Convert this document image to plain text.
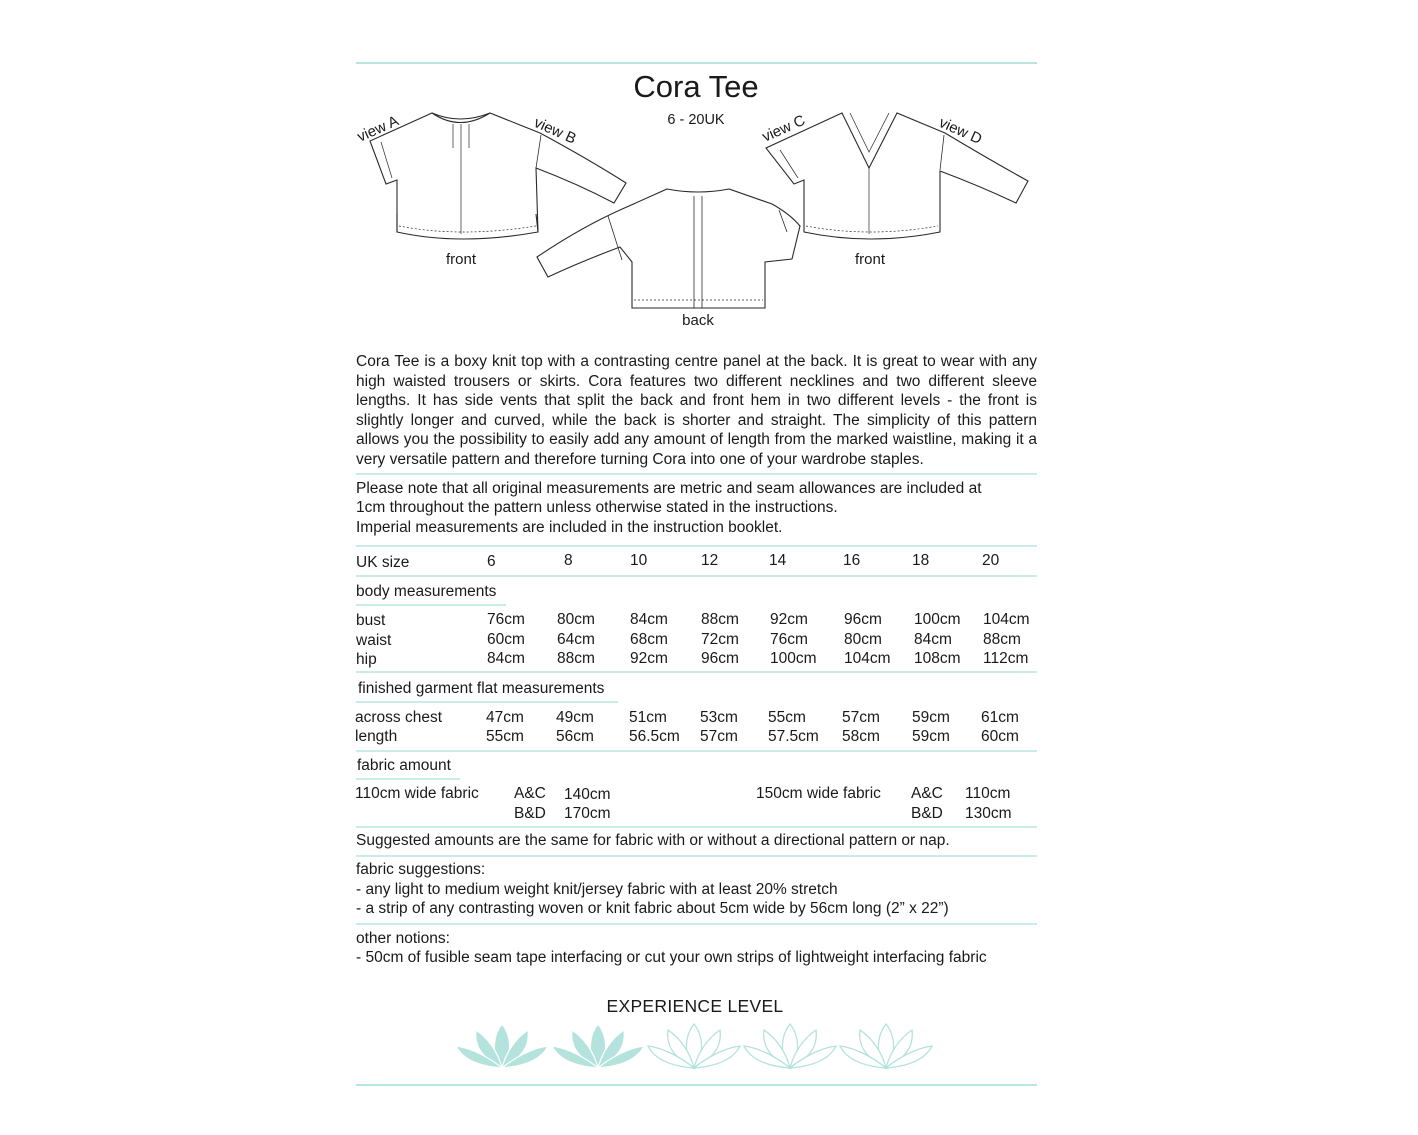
Cora Tee
6 - 20UK
view A	view B	view C	view D
front
back
front
Cora Tee is a boxy knit top with a contrasting centre panel at the back. It is great to wear with any high waisted trousers or skirts. Cora features two different necklines and two different sleeve lengths. It has side vents that split the back and front hem in two different levels - the front is slightly longer and curved, while the back is shorter and straight. The simplicity of this pattern allows you the possibility to easily add any amount of length from the marked waistline, making it a very versatile pattern and therefore turning Cora into one of your wardrobe staples.
Please note that all original measurements are metric and seam allowances are included at
1cm throughout the pattern unless otherwise stated in the instructions.
Imperial measurements are included in the instruction booklet.
UK size	6	8	10	12	14	16	18	20
body measurements
bust	76cm 80cm 84cm 88cm 92cm 96cm 100cm 104cm
waist	60cm 64cm 68cm 72cm 76cm 80cm 84cm 88cm
hip	84cm 88cm 92cm 96cm 100cm 104cm 108cm 112cm
finished garment flat measurements
across chest	47cm 49cm 51cm 53cm 55cm 57cm 59cm 61cm
length	55cm 56cm 56.5cm 57cm 57.5cm 58cm 59cm 60cm
fabric amount
110cm wide fabric A&C 140cm
B&D 170cm
150cm wide fabric A&C 110cm
B&D 130cm
Suggested amounts are the same for fabric with or without a directional pattern or nap.
fabric suggestions:
- any light to medium weight knit/jersey fabric with at least 20% stretch
- a strip of any contrasting woven or knit fabric about 5cm wide by 56cm long (2” x 22”)
other notions:
- 50cm of fusible seam tape interfacing or cut your own strips of lightweight interfacing fabric
EXPERIENCE LEVEL
